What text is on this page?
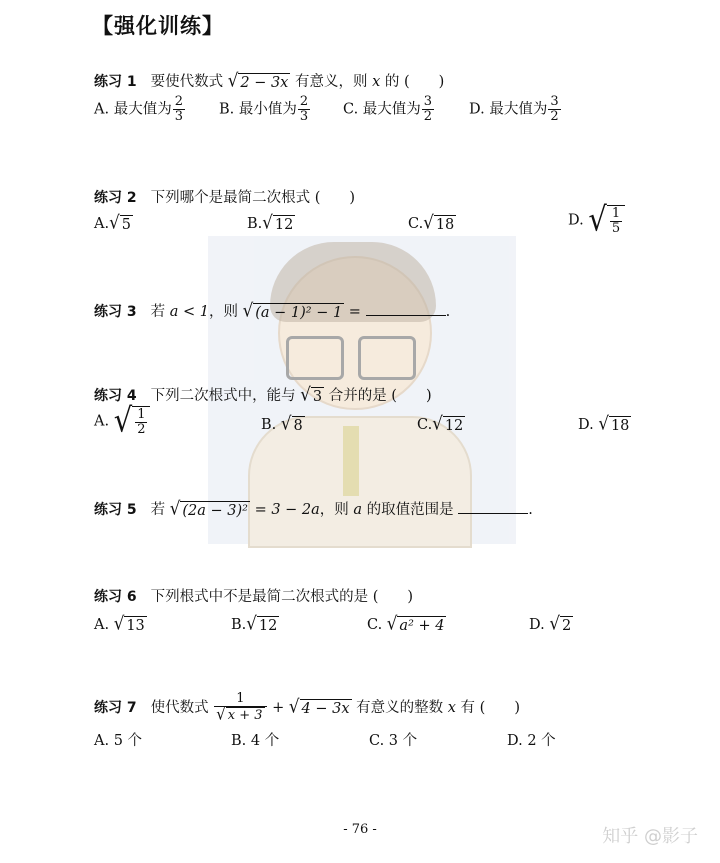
【强化训练】
练习 1 要使代数式 √ 2 − 3x 有意义，则 x 的 (　　)
A. 最大值为 $\frac{2}{3} B$. 最小值为 $\frac{2}{3} C$. 最大值为 $\frac{3}{2} D$. 最大值为 $\frac{3}{2}$
练习 2 下列哪个是最简二次根式 (　　)
A. √ 5	B. √ 12	C. √ 18	D. √ $\frac{1}{5}$
练习 3 若 a < 1，则 √ (a − 1)² − 1 =	.
练习 4 下列二次根式中，能与 √ 3 合并的是 (　　)
A. √ $\frac{1}{2}$	B. √ 8	C. √ 12	D. √ 18
练习 5 若 √ (2a − 3)² = 3 − 2a，则 a 的取值范围是	.
练习 6 下列根式中不是最简二次根式的是 (　　)
A. √ 13	B. √ 12	C. √ a² + 4	D. √ 2
练习 7 使代数式 $\frac{1}{√ x + 3}$ + √ 4 − 3x 有意义的整数 x 有 (　　)
A. 5 个	B. 4 个	C. 3 个	D. 2 个
- 76 -	知乎 @影子
